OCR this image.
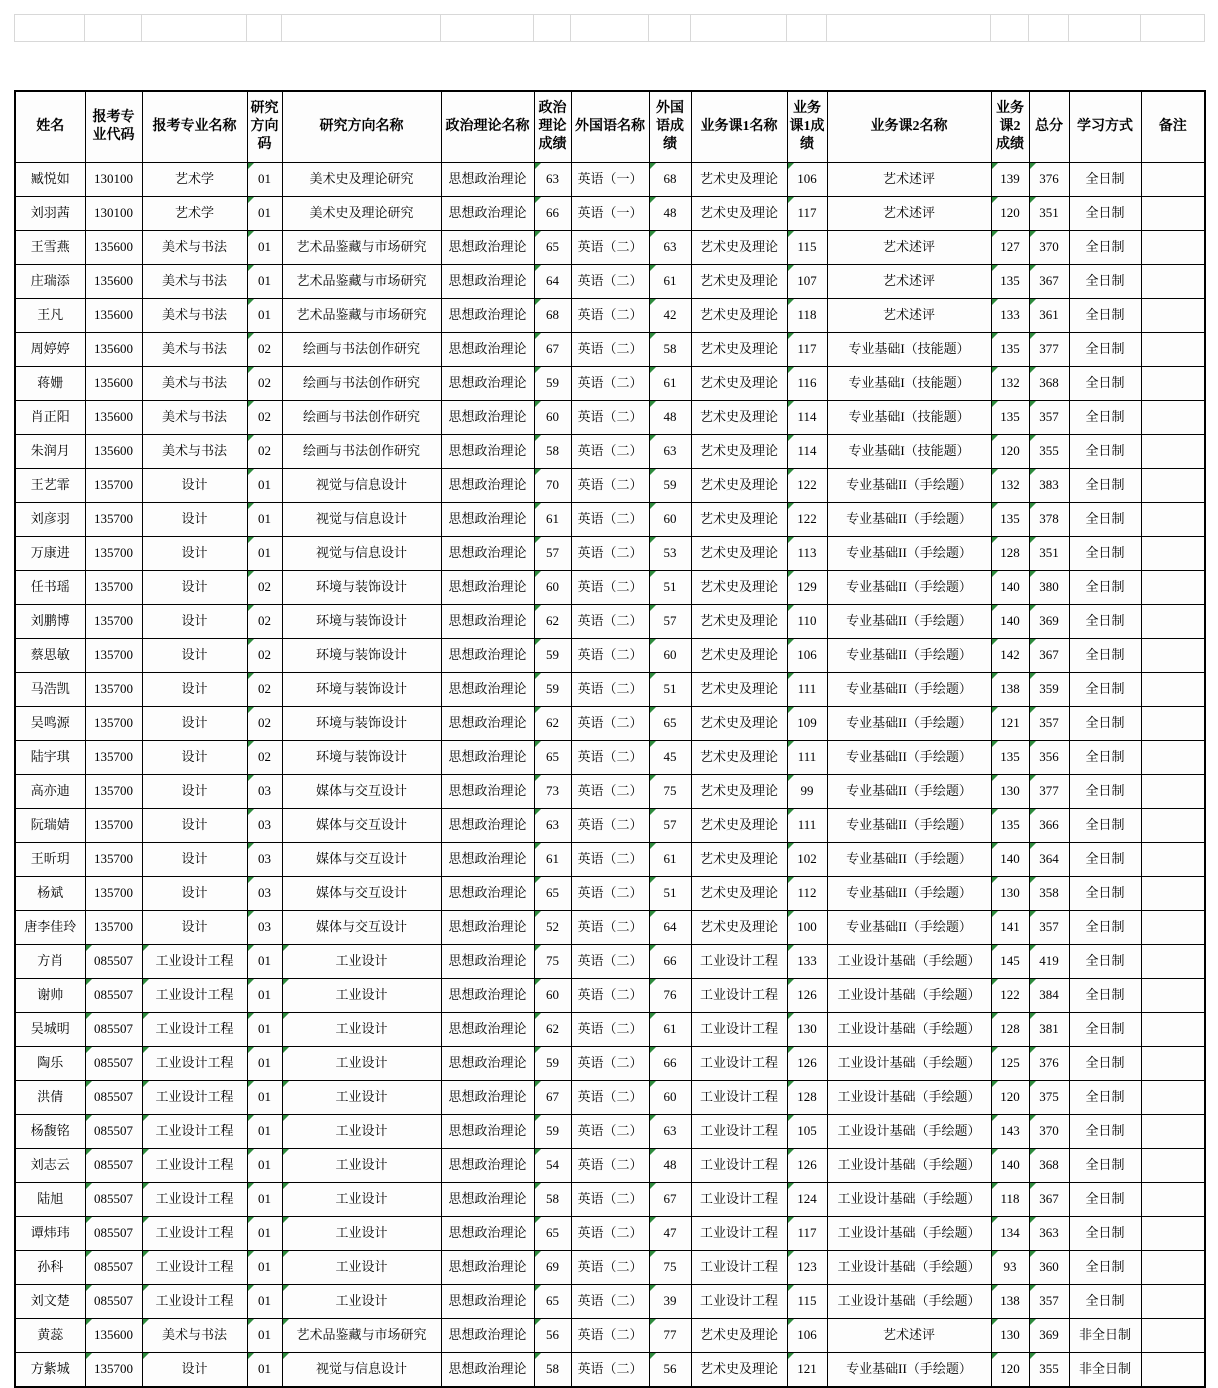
姓名	报考专业代码	报考专业名称	研究方向码	研究方向名称	政治理论名称	政治理论成绩	外国语名称	外国语成绩	业务课1名称	业务课1成绩	业务课2名称	业务课2成绩	总分	学习方式	备注
臧悦如	130100	艺术学	01	美术史及理论研究	思想政治理论	63	英语（一）	68	艺术史及理论	106	艺术述评	139	376	全日制	
刘羽茜	130100	艺术学	01	美术史及理论研究	思想政治理论	66	英语（一）	48	艺术史及理论	117	艺术述评	120	351	全日制	
王雪燕	135600	美术与书法	01	艺术品鉴藏与市场研究	思想政治理论	65	英语（二）	63	艺术史及理论	115	艺术述评	127	370	全日制	
庄瑞添	135600	美术与书法	01	艺术品鉴藏与市场研究	思想政治理论	64	英语（二）	61	艺术史及理论	107	艺术述评	135	367	全日制	
王凡	135600	美术与书法	01	艺术品鉴藏与市场研究	思想政治理论	68	英语（二）	42	艺术史及理论	118	艺术述评	133	361	全日制	
周婷婷	135600	美术与书法	02	绘画与书法创作研究	思想政治理论	67	英语（二）	58	艺术史及理论	117	专业基础I（技能题）	135	377	全日制	
蒋姗	135600	美术与书法	02	绘画与书法创作研究	思想政治理论	59	英语（二）	61	艺术史及理论	116	专业基础I（技能题）	132	368	全日制	
肖正阳	135600	美术与书法	02	绘画与书法创作研究	思想政治理论	60	英语（二）	48	艺术史及理论	114	专业基础I（技能题）	135	357	全日制	
朱润月	135600	美术与书法	02	绘画与书法创作研究	思想政治理论	58	英语（二）	63	艺术史及理论	114	专业基础I（技能题）	120	355	全日制	
王艺霏	135700	设计	01	视觉与信息设计	思想政治理论	70	英语（二）	59	艺术史及理论	122	专业基础II（手绘题）	132	383	全日制	
刘彦羽	135700	设计	01	视觉与信息设计	思想政治理论	61	英语（二）	60	艺术史及理论	122	专业基础II（手绘题）	135	378	全日制	
万康进	135700	设计	01	视觉与信息设计	思想政治理论	57	英语（二）	53	艺术史及理论	113	专业基础II（手绘题）	128	351	全日制	
任书瑶	135700	设计	02	环境与装饰设计	思想政治理论	60	英语（二）	51	艺术史及理论	129	专业基础II（手绘题）	140	380	全日制	
刘鹏博	135700	设计	02	环境与装饰设计	思想政治理论	62	英语（二）	57	艺术史及理论	110	专业基础II（手绘题）	140	369	全日制	
蔡思敏	135700	设计	02	环境与装饰设计	思想政治理论	59	英语（二）	60	艺术史及理论	106	专业基础II（手绘题）	142	367	全日制	
马浩凯	135700	设计	02	环境与装饰设计	思想政治理论	59	英语（二）	51	艺术史及理论	111	专业基础II（手绘题）	138	359	全日制	
吴鸣源	135700	设计	02	环境与装饰设计	思想政治理论	62	英语（二）	65	艺术史及理论	109	专业基础II（手绘题）	121	357	全日制	
陆宇琪	135700	设计	02	环境与装饰设计	思想政治理论	65	英语（二）	45	艺术史及理论	111	专业基础II（手绘题）	135	356	全日制	
高亦迪	135700	设计	03	媒体与交互设计	思想政治理论	73	英语（二）	75	艺术史及理论	99	专业基础II（手绘题）	130	377	全日制	
阮瑞婧	135700	设计	03	媒体与交互设计	思想政治理论	63	英语（二）	57	艺术史及理论	111	专业基础II（手绘题）	135	366	全日制	
王昕玥	135700	设计	03	媒体与交互设计	思想政治理论	61	英语（二）	61	艺术史及理论	102	专业基础II（手绘题）	140	364	全日制	
杨斌	135700	设计	03	媒体与交互设计	思想政治理论	65	英语（二）	51	艺术史及理论	112	专业基础II（手绘题）	130	358	全日制	
唐李佳玲	135700	设计	03	媒体与交互设计	思想政治理论	52	英语（二）	64	艺术史及理论	100	专业基础II（手绘题）	141	357	全日制	
方肖	085507	工业设计工程	01	工业设计	思想政治理论	75	英语（二）	66	工业设计工程	133	工业设计基础（手绘题）	145	419	全日制	
谢帅	085507	工业设计工程	01	工业设计	思想政治理论	60	英语（二）	76	工业设计工程	126	工业设计基础（手绘题）	122	384	全日制	
吴城明	085507	工业设计工程	01	工业设计	思想政治理论	62	英语（二）	61	工业设计工程	130	工业设计基础（手绘题）	128	381	全日制	
陶乐	085507	工业设计工程	01	工业设计	思想政治理论	59	英语（二）	66	工业设计工程	126	工业设计基础（手绘题）	125	376	全日制	
洪倩	085507	工业设计工程	01	工业设计	思想政治理论	67	英语（二）	60	工业设计工程	128	工业设计基础（手绘题）	120	375	全日制	
杨馥铭	085507	工业设计工程	01	工业设计	思想政治理论	59	英语（二）	63	工业设计工程	105	工业设计基础（手绘题）	143	370	全日制	
刘志云	085507	工业设计工程	01	工业设计	思想政治理论	54	英语（二）	48	工业设计工程	126	工业设计基础（手绘题）	140	368	全日制	
陆旭	085507	工业设计工程	01	工业设计	思想政治理论	58	英语（二）	67	工业设计工程	124	工业设计基础（手绘题）	118	367	全日制	
谭炜玮	085507	工业设计工程	01	工业设计	思想政治理论	65	英语（二）	47	工业设计工程	117	工业设计基础（手绘题）	134	363	全日制	
孙科	085507	工业设计工程	01	工业设计	思想政治理论	69	英语（二）	75	工业设计工程	123	工业设计基础（手绘题）	93	360	全日制	
刘文楚	085507	工业设计工程	01	工业设计	思想政治理论	65	英语（二）	39	工业设计工程	115	工业设计基础（手绘题）	138	357	全日制	
黄蕊	135600	美术与书法	01	艺术品鉴藏与市场研究	思想政治理论	56	英语（二）	77	艺术史及理论	106	艺术述评	130	369	非全日制	
方紫城	135700	设计	01	视觉与信息设计	思想政治理论	58	英语（二）	56	艺术史及理论	121	专业基础II（手绘题）	120	355	非全日制	
